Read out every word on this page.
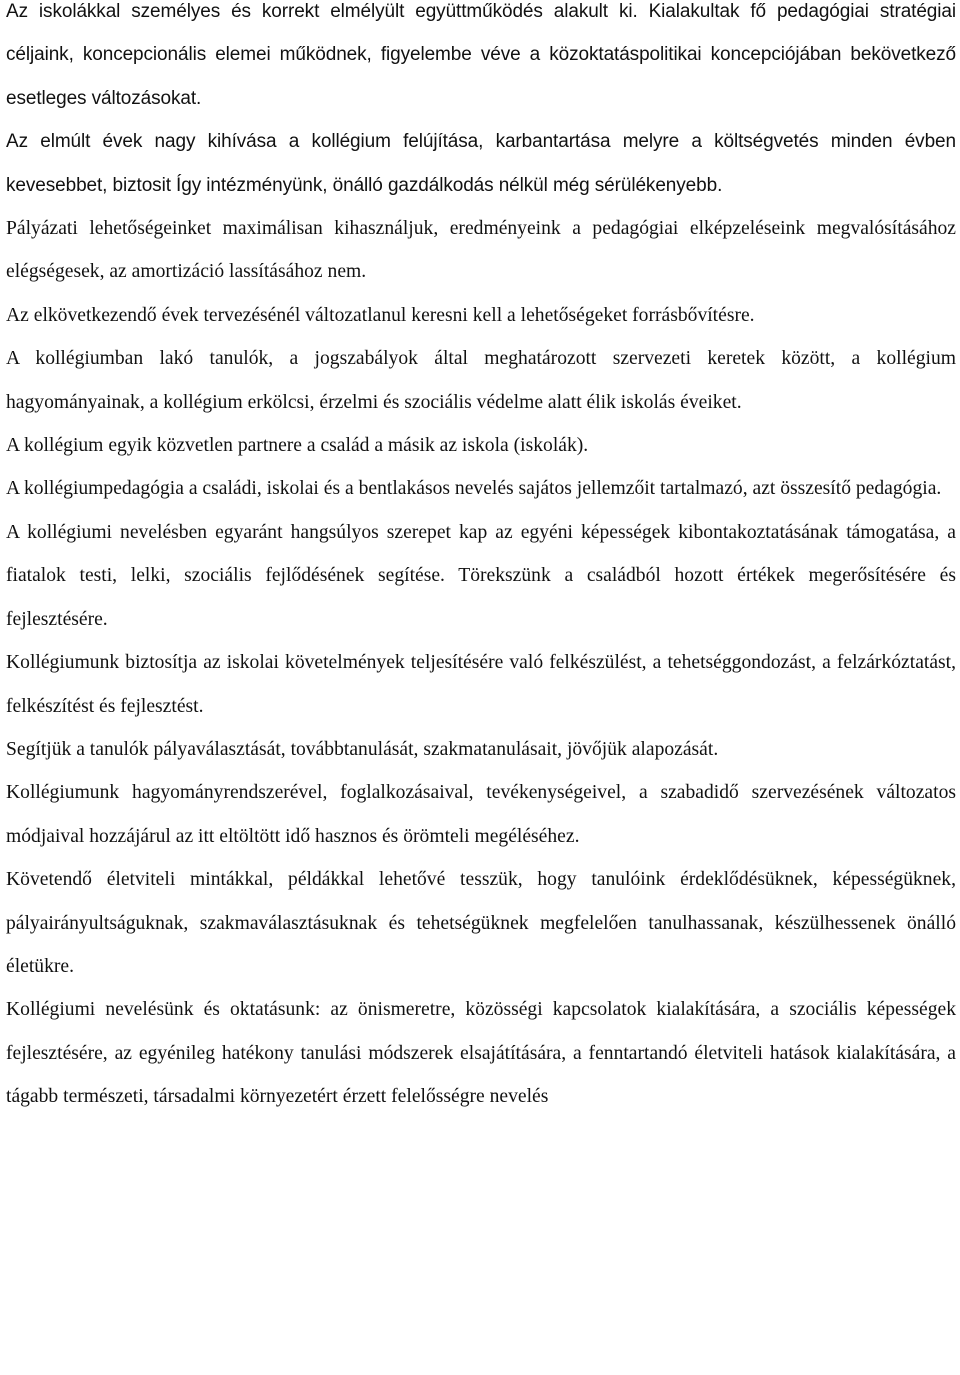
Az iskolákkal személyes és korrekt elmélyült együttműködés alakult ki. Kialakultak fő pedagógiai stratégiai céljaink, koncepcionális elemei működnek, figyelembe véve a közoktatáspolitikai koncepciójában bekövetkező esetleges változásokat.

Az elmúlt évek nagy kihívása a kollégium felújítása, karbantartása melyre a költségvetés minden évben kevesebbet, biztosit Így intézményünk, önálló gazdálkodás nélkül még sérülékenyebb.

Pályázati lehetőségeinket maximálisan kihasználjuk, eredményeink a pedagógiai elképzeléseink megvalósításához elégségesek, az amortizáció lassításához nem.

Az elkövetkezendő évek tervezésénél változatlanul keresni kell a lehetőségeket forrásbővítésre.

A kollégiumban lakó tanulók, a jogszabályok által meghatározott szervezeti keretek között, a kollégium hagyományainak, a kollégium erkölcsi, érzelmi és szociális védelme alatt élik iskolás éveiket.

A kollégium egyik közvetlen partnere a család a másik az iskola (iskolák).

A kollégiumpedagógia a családi, iskolai és a bentlakásos nevelés sajátos jellemzőit tartalmazó, azt összesítő pedagógia.

A kollégiumi nevelésben egyaránt hangsúlyos szerepet kap az egyéni képességek kibontakoztatásának támogatása, a fiatalok testi, lelki, szociális fejlődésének segítése. Törekszünk a családból hozott értékek megerősítésére és fejlesztésére.

Kollégiumunk biztosítja az iskolai követelmények teljesítésére való felkészülést, a tehetséggondozást, a felzárkóztatást, felkészítést és fejlesztést.

Segítjük a tanulók pályaválasztását, továbbtanulását, szakmatanulásait, jövőjük alapozását.

Kollégiumunk hagyományrendszerével, foglalkozásaival, tevékenységeivel, a szabadidő szervezésének változatos módjaival hozzájárul az itt eltöltött idő hasznos és örömteli megéléséhez.

Követendő életviteli mintákkal, példákkal lehetővé tesszük, hogy tanulóink érdeklődésüknek, képességüknek, pályairányultságuknak, szakmaválasztásuknak és tehetségüknek megfelelően tanulhassanak, készülhessenek önálló életükre.

Kollégiumi nevelésünk és oktatásunk: az önismeretre, közösségi kapcsolatok kialakítására, a szociális képességek fejlesztésére, az egyénileg hatékony tanulási módszerek elsajátítására, a fenntartandó életviteli hatások kialakítására, a tágabb természeti, társadalmi környezetért érzett felelősségre nevelés
